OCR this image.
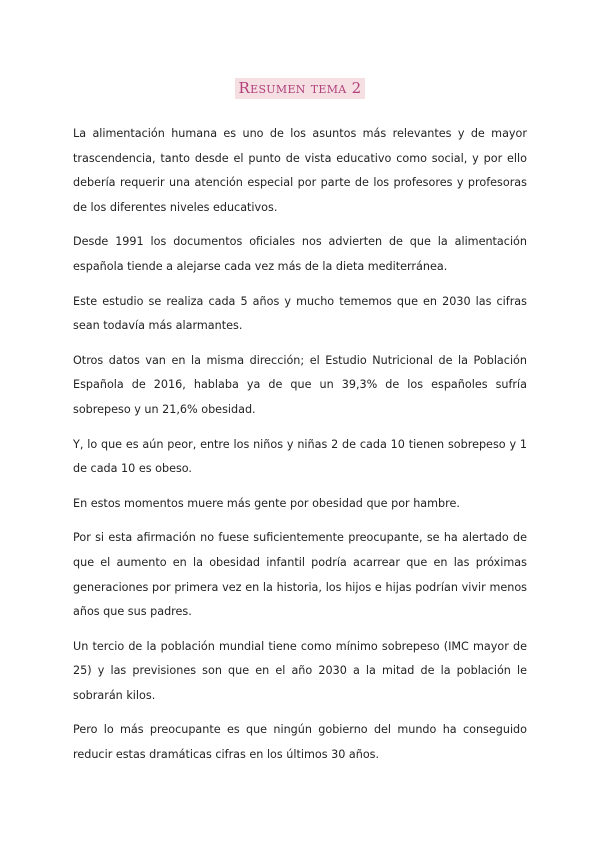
Resumen tema 2

La alimentación humana es uno de los asuntos más relevantes y de mayor trascendencia, tanto desde el punto de vista educativo como social, y por ello debería requerir una atención especial por parte de los profesores y profesoras de los diferentes niveles educativos.

Desde 1991 los documentos oficiales nos advierten de que la alimentación española tiende a alejarse cada vez más de la dieta mediterránea.

Este estudio se realiza cada 5 años y mucho tememos que en 2030 las cifras sean todavía más alarmantes.

Otros datos van en la misma dirección; el Estudio Nutricional de la Población Española de 2016, hablaba ya de que un 39,3% de los españoles sufría sobrepeso y un 21,6% obesidad.

Y, lo que es aún peor, entre los niños y niñas 2 de cada 10 tienen sobrepeso y 1 de cada 10 es obeso.

En estos momentos muere más gente por obesidad que por hambre.

Por si esta afirmación no fuese suficientemente preocupante, se ha alertado de que el aumento en la obesidad infantil podría acarrear que en las próximas generaciones por primera vez en la historia, los hijos e hijas podrían vivir menos años que sus padres.

Un tercio de la población mundial tiene como mínimo sobrepeso (IMC mayor de 25) y las previsiones son que en el año 2030 a la mitad de la población le sobrarán kilos.

Pero lo más preocupante es que ningún gobierno del mundo ha conseguido reducir estas dramáticas cifras en los últimos 30 años.
